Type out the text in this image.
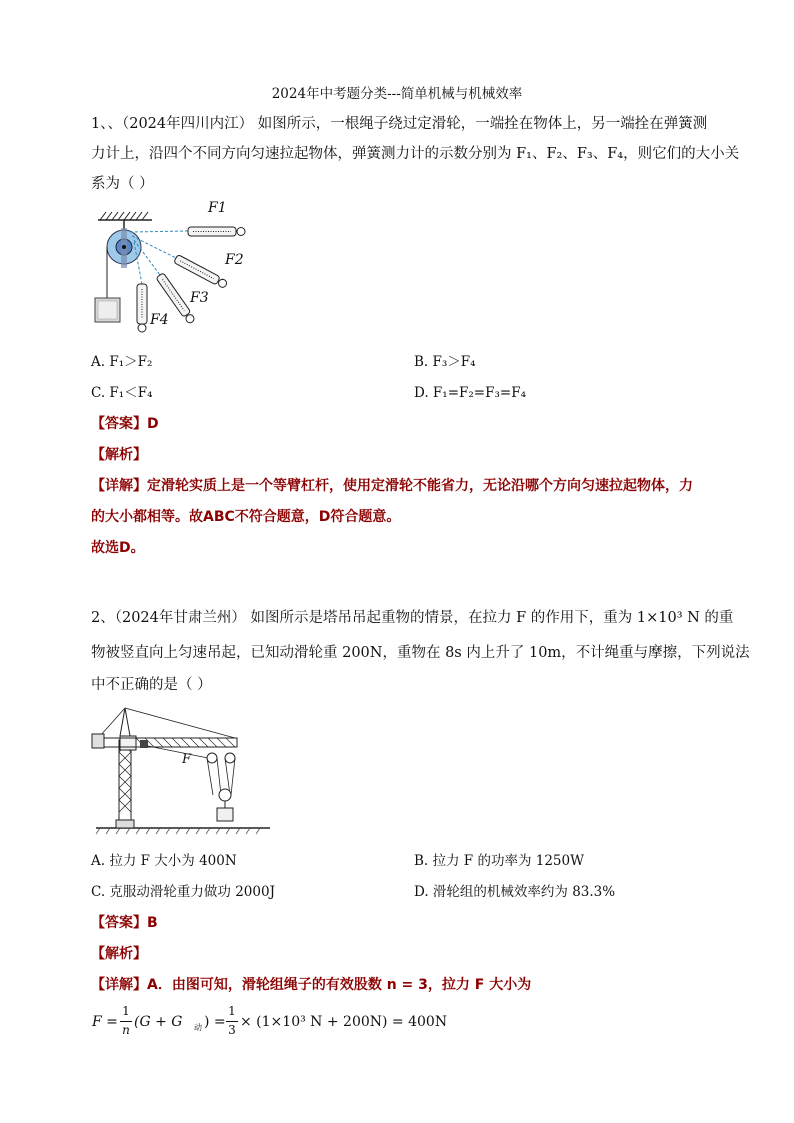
2024年中考题分类---简单机械与机械效率
1、、（2024年四川内江） 如图所示，一根绳子绕过定滑轮，一端拴在物体上，另一端拴在弹簧测
力计上，沿四个不同方向匀速拉起物体，弹簧测力计的示数分别为 F₁、F₂、F₃、F₄，则它们的大小关
系为（ ）
F1
F2
F3
F4
A. F₁＞F₂	B. F₃＞F₄
C. F₁＜F₄	D. F₁=F₂=F₃=F₄
【答案】D
【解析】
【详解】定滑轮实质上是一个等臂杠杆，使用定滑轮不能省力，无论沿哪个方向匀速拉起物体，力
的大小都相等。故ABC不符合题意，D符合题意。
故选D。
2、（2024年甘肃兰州） 如图所示是塔吊吊起重物的情景，在拉力 F 的作用下，重为 1×10³ N 的重
物被竖直向上匀速吊起，已知动滑轮重 200N，重物在 8s 内上升了 10m，不计绳重与摩擦，下列说法
中不正确的是（ ）
F
A. 拉力 F 大小为 400N	B. 拉力 F 的功率为 1250W
C. 克服动滑轮重力做功 2000J	D. 滑轮组的机械效率约为 83.3%
【答案】B
【解析】
【详解】A．由图可知，滑轮组绳子的有效股数 n = 3，拉力 F 大小为
F =
1
n (G + G 动 ) =
1
3 × (1×10³ N + 200N) = 400N
